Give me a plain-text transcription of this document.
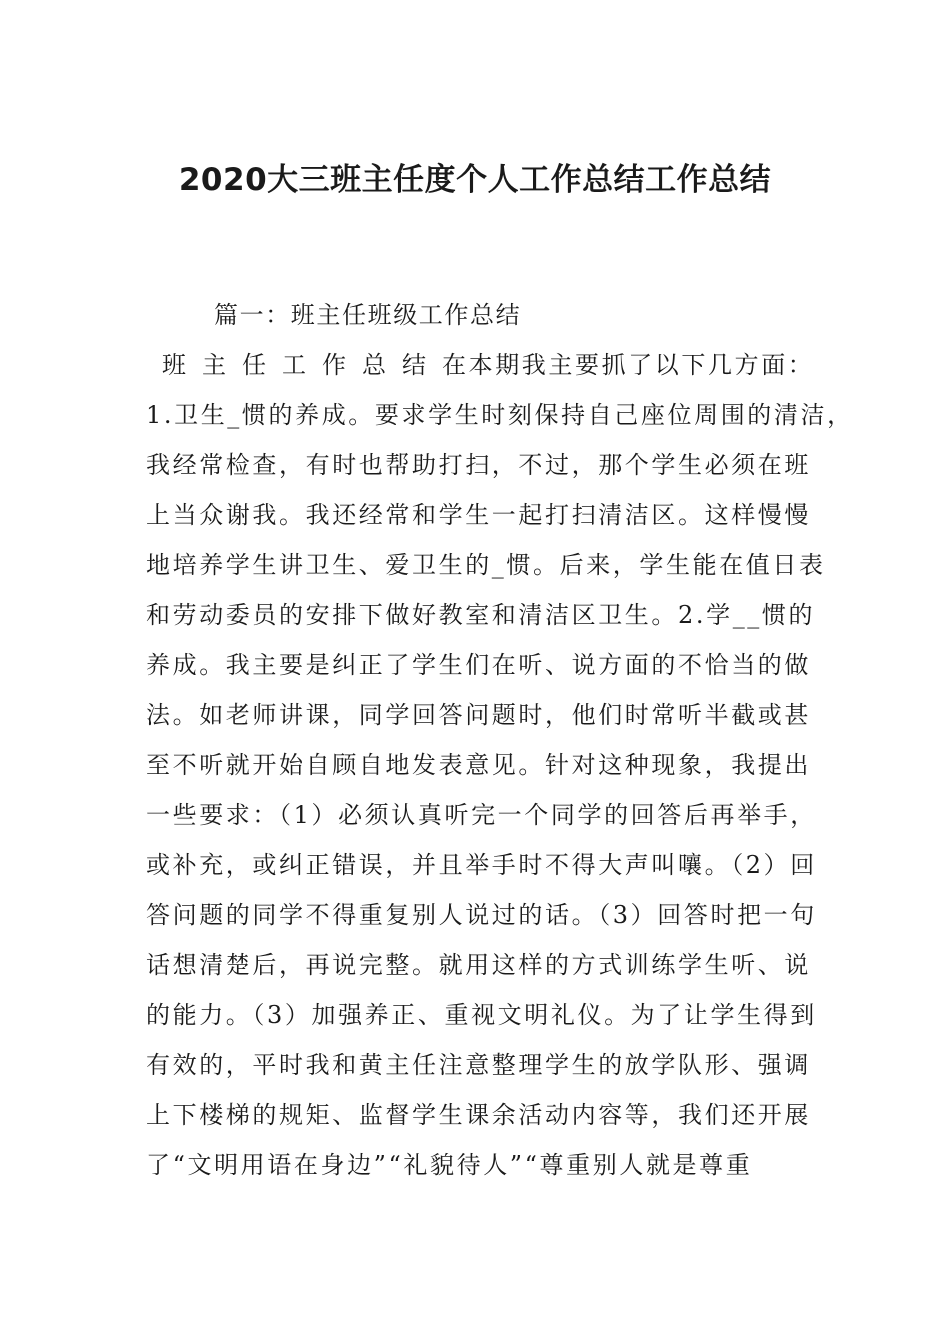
2020大三班主任度个人工作总结工作总结
篇一：班主任班级工作总结
班主任工作总结在本期我主要抓了以下几方面：
1.卫生_惯的养成。要求学生时刻保持自己座位周围的清洁，
我经常检查，有时也帮助打扫，不过，那个学生必须在班
上当众谢我。我还经常和学生一起打扫清洁区。这样慢慢
地培养学生讲卫生、爱卫生的_惯。后来，学生能在值日表
和劳动委员的安排下做好教室和清洁区卫生。2.学__惯的
养成。我主要是纠正了学生们在听、说方面的不恰当的做
法。如老师讲课，同学回答问题时，他们时常听半截或甚
至不听就开始自顾自地发表意见。针对这种现象，我提出
一些要求：（1）必须认真听完一个同学的回答后再举手，
或补充，或纠正错误，并且举手时不得大声叫嚷。（2）回
答问题的同学不得重复别人说过的话。（3）回答时把一句
话想清楚后，再说完整。就用这样的方式训练学生听、说
的能力。（3）加强养正、重视文明礼仪。为了让学生得到
有效的，平时我和黄主任注意整理学生的放学队形、强调
上下楼梯的规矩、监督学生课余活动内容等，我们还开展
了“文明用语在身边”“礼貌待人”“尊重别人就是尊重
